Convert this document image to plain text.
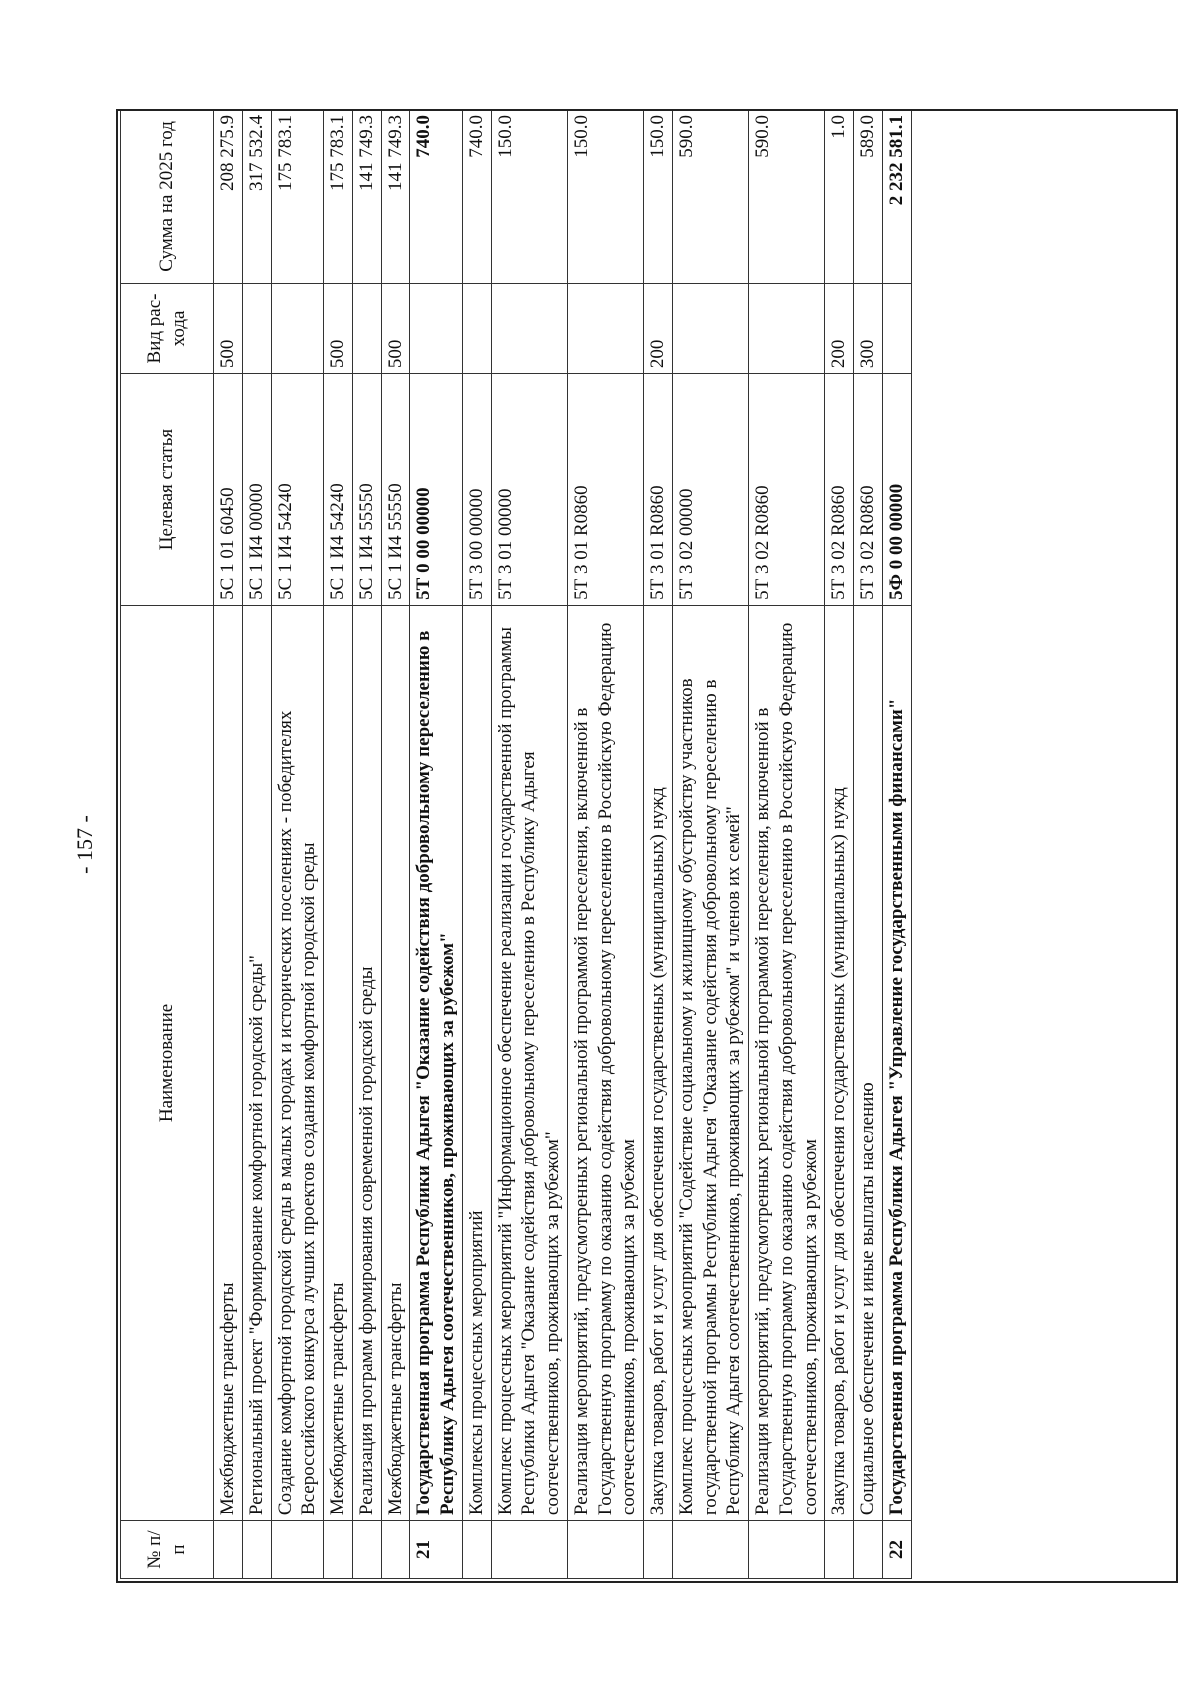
- 157 -
№ п/п	Наименование	Целевая статья	Вид рас- хода	Сумма на 2025 год
	Межбюджетные трансферты	5С 1 01 60450	500	208 275.9
	Региональный проект "Формирование комфортной городской среды"	5С 1 И4 00000		317 532.4
	Создание комфортной городской среды в малых городах и исторических поселениях - победителях Всероссийского конкурса лучших проектов создания комфортной городской среды	5С 1 И4 54240		175 783.1
	Межбюджетные трансферты	5С 1 И4 54240	500	175 783.1
	Реализация программ формирования современной городской среды	5С 1 И4 55550		141 749.3
	Межбюджетные трансферты	5С 1 И4 55550	500	141 749.3
21	Государственная программа Республики Адыгея "Оказание содействия добровольному переселению в Республику Адыгея соотечественников, проживающих за рубежом"	5Т 0 00 00000		740.0
	Комплексы процессных мероприятий	5Т 3 00 00000		740.0
	Комплекс процессных мероприятий "Информационное обеспечение реализации государственной программы Республики Адыгея "Оказание содействия добровольному переселению в Республику Адыгея соотечественников, проживающих за рубежом"	5Т 3 01 00000		150.0
	Реализация мероприятий, предусмотренных региональной программой переселения, включенной в Государственную программу по оказанию содействия добровольному переселению в Российскую Федерацию соотечественников, проживающих за рубежом	5Т 3 01 R0860		150.0
	Закупка товаров, работ и услуг для обеспечения государственных (муниципальных) нужд	5Т 3 01 R0860	200	150.0
	Комплекс процессных мероприятий "Содействие социальному и жилищному обустройству участников государственной программы Республики Адыгея "Оказание содействия добровольному переселению в Республику Адыгея соотечественников, проживающих за рубежом" и членов их семей"	5Т 3 02 00000		590.0
	Реализация мероприятий, предусмотренных региональной программой переселения, включенной в Государственную программу по оказанию содействия добровольному переселению в Российскую Федерацию соотечественников, проживающих за рубежом	5Т 3 02 R0860		590.0
	Закупка товаров, работ и услуг для обеспечения государственных (муниципальных) нужд	5Т 3 02 R0860	200	1.0
	Социальное обеспечение и иные выплаты населению	5Т 3 02 R0860	300	589.0
22	Государственная программа Республики Адыгея "Управление государственными финансами"	5Ф 0 00 00000		2 232 581.1
